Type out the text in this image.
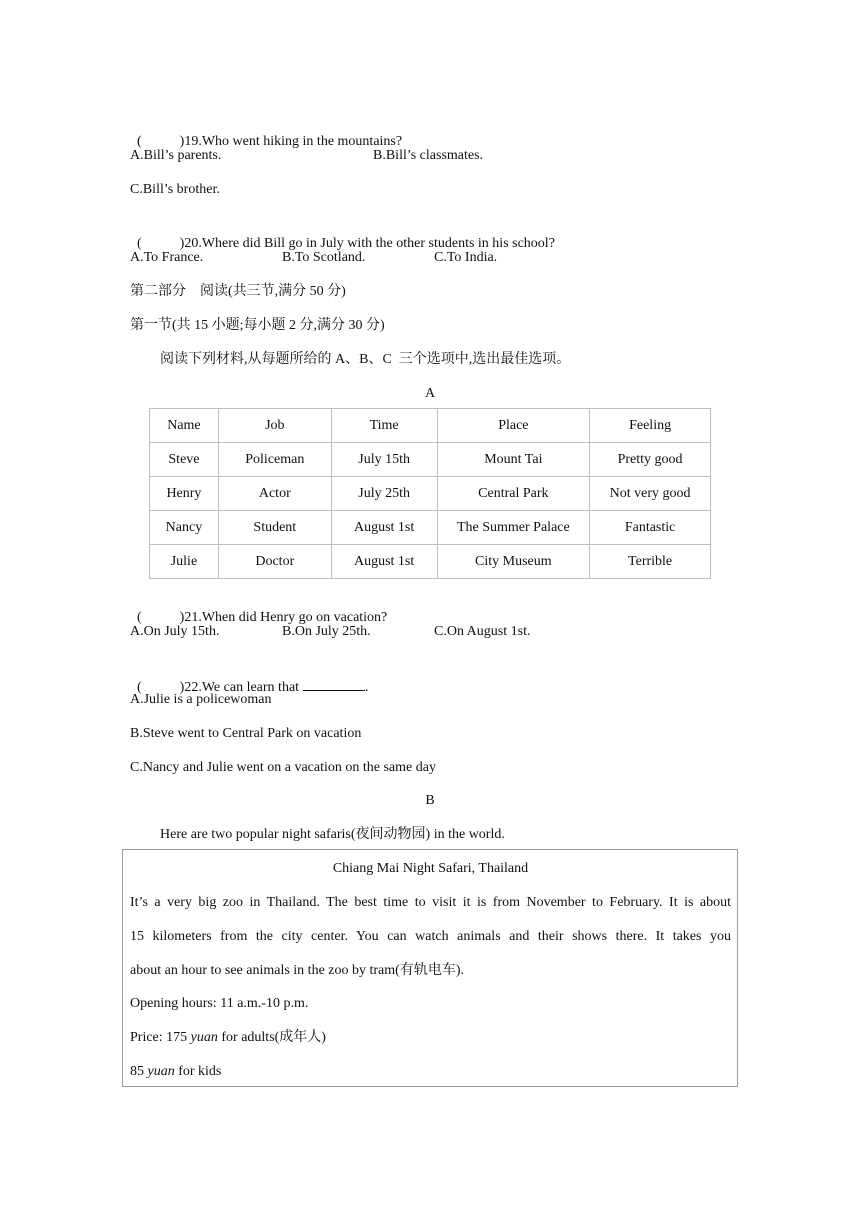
(	)19.Who went hiking in the mountains?

A.Bill’s parents.	B.Bill’s classmates.
C.Bill’s brother.

(	)20.Where did Bill go in July with the other students in his school?

A.To France.	B.To Scotland.	C.To India.
第二部分　阅读(共三节,满分 50 分)
第一节(共 15 小题;每小题 2 分,满分 30 分)
阅读下列材料,从每题所给的 A、B、C  三个选项中,选出最佳选项。
A
Name	Job	Time	Place	Feeling
Steve	Policeman	July 15th	Mount Tai	Pretty good
Henry	Actor	July 25th	Central Park	Not very good
Nancy	Student	August 1st	The Summer Palace	Fantastic
Julie	Doctor	August 1st	City Museum	Terrible

(	)21.When did Henry go on vacation?

A.On July 15th.	B.On July 25th.	C.On August 1st.

(	)22.We can learn that	.

A.Julie is a policewoman
B.Steve went to Central Park on vacation
C.Nancy and Julie went on a vacation on the same day
B
Here are two popular night safaris(夜间动物园) in the world.
Chiang Mai Night Safari, Thailand
It’s a very big zoo in Thailand. The best time to visit it is from November to February. It is about
15 kilometers from the city center. You can watch animals and their shows there. It takes you
about an hour to see animals in the zoo by tram(有轨电车).
Opening hours: 11 a.m.-10 p.m.
Price: 175 yuan for adults(成年人)
85 yuan for kids
